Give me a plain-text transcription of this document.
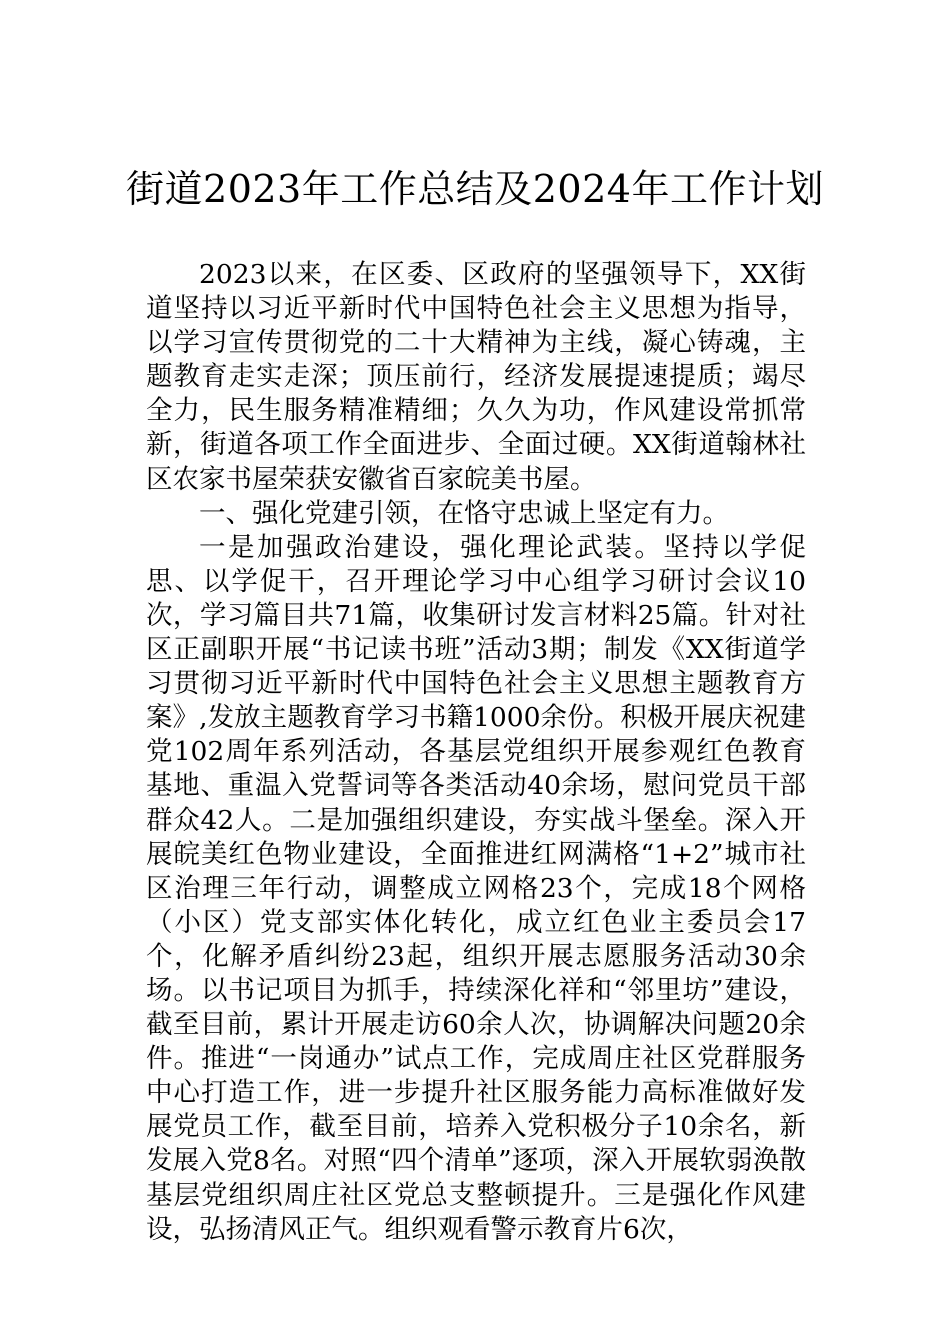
街道2023年工作总结及2024年工作计划

2023以来，在区委、区政府的坚强领导下，XX街道坚持以习近平新时代中国特色社会主义思想为指导，以学习宣传贯彻党的二十大精神为主线，凝心铸魂，主题教育走实走深；顶压前行，经济发展提速提质；竭尽全力，民生服务精准精细；久久为功，作风建设常抓常新，街道各项工作全面进步、全面过硬。XX街道翰林社区农家书屋荣获安徽省百家皖美书屋。

一、强化党建引领，在恪守忠诚上坚定有力。

一是加强政治建设，强化理论武装。坚持以学促思、以学促干，召开理论学习中心组学习研讨会议10次，学习篇目共71篇，收集研讨发言材料25篇。针对社区正副职开展“书记读书班”活动3期；制发《XX街道学习贯彻习近平新时代中国特色社会主义思想主题教育方案》,发放主题教育学习书籍1000余份。积极开展庆祝建党102周年系列活动，各基层党组织开展参观红色教育基地、重温入党誓词等各类活动40余场，慰问党员干部群众42人。二是加强组织建设，夯实战斗堡垒。深入开展皖美红色物业建设，全面推进红网满格“1+2”城市社区治理三年行动，调整成立网格23个，完成18个网格（小区）党支部实体化转化，成立红色业主委员会17个，化解矛盾纠纷23起，组织开展志愿服务活动30余场。以书记项目为抓手，持续深化祥和“邻里坊”建设，截至目前，累计开展走访60余人次，协调解决问题20余件。推进“一岗通办”试点工作，完成周庄社区党群服务中心打造工作，进一步提升社区服务能力高标准做好发展党员工作，截至目前，培养入党积极分子10余名，新发展入党8名。对照“四个清单”逐项，深入开展软弱涣散基层党组织周庄社区党总支整顿提升。三是强化作风建设，弘扬清风正气。组织观看警示教育片6次，
